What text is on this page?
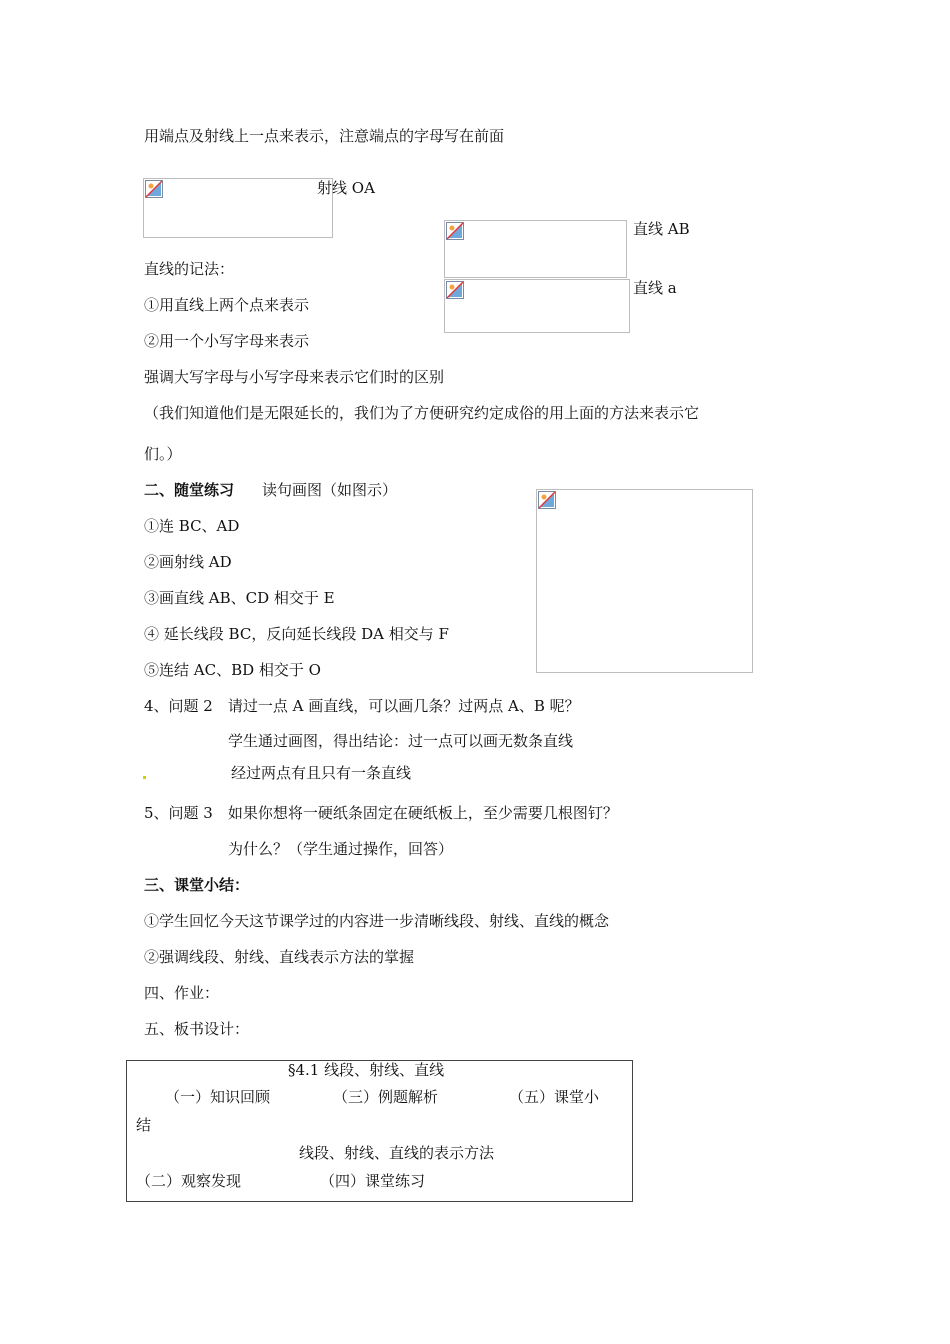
用端点及射线上一点来表示，注意端点的字母写在前面
射线 OA
直线 AB
直线 a
直线的记法：
①用直线上两个点来表示
②用一个小写字母来表示
强调大写字母与小写字母来表示它们时的区别
（我们知道他们是无限延长的，我们为了方便研究约定成俗的用上面的方法来表示它
们。）
二、随堂练习 读句画图（如图示）
①连 BC、AD
②画射线 AD
③画直线 AB、CD 相交于 E
④ 延长线段 BC，反向延长线段 DA 相交与 F
⑤连结 AC、BD 相交于 O
4、问题 2　请过一点 A 画直线，可以画几条？过两点 A、B 呢？
学生通过画图，得出结论：过一点可以画无数条直线
经过两点有且只有一条直线
5、问题 3　如果你想将一硬纸条固定在硬纸板上，至少需要几根图钉？
为什么？（学生通过操作，回答）
三、课堂小结：
①学生回忆今天这节课学过的内容进一步清晰线段、射线、直线的概念
②强调线段、射线、直线表示方法的掌握
四、作业：
五、板书设计：
§4.1 线段、射线、直线
（一）知识回顾	（三）例题解析	（五）课堂小
结
线段、射线、直线的表示方法
（二）观察发现	（四）课堂练习
